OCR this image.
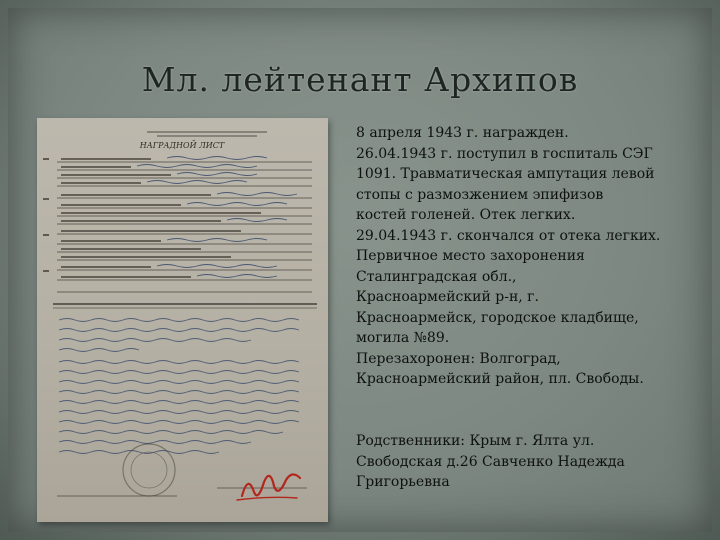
Мл. лейтенант Архипов
НАГРАДНОЙ ЛИСТ

8 апреля 1943 г. награжден.

26.04.1943 г. поступил в госпиталь СЭГ

1091. Травматическая ампутация левой

стопы с размозжением эпифизов

костей голеней. Отек легких.

29.04.1943 г. скончался от отека легких.

Первичное место захоронения

Сталинградская обл.,

Красноармейский р-н, г.

Красноармейск, городское кладбище,

могила №89.

Перезахоронен: Волгоград,

Красноармейский район, пл. Свободы.

Родственники: Крым г. Ялта ул.

Свободская д.26 Савченко Надежда

Григорьевна
